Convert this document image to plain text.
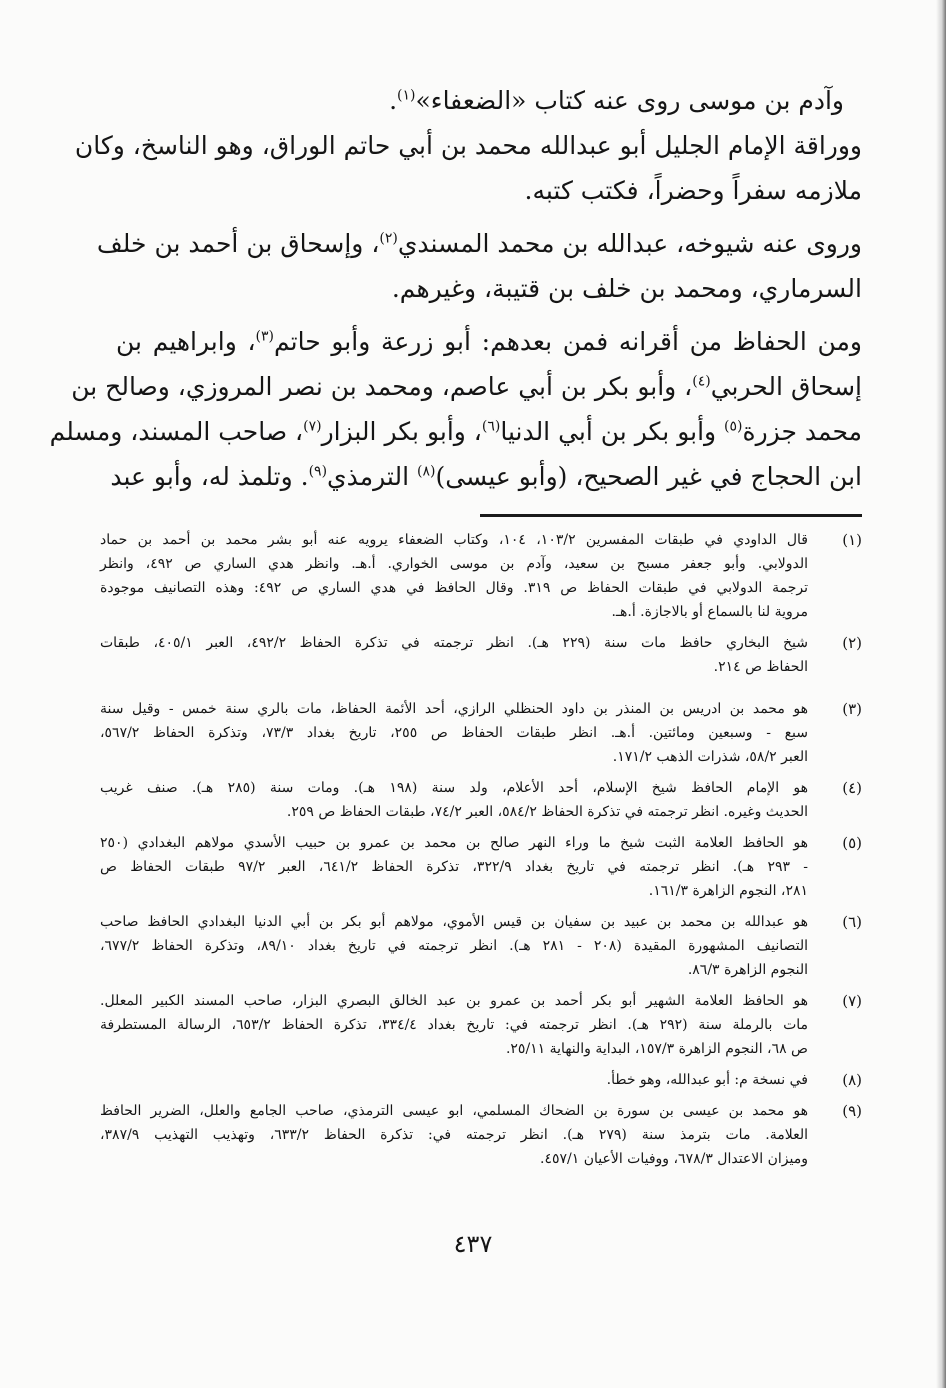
وآدم بن موسى روى عنه كتاب «الضعفاء»$^{(١)}$.
ووراقة الإمام الجليل أبو عبدالله محمد بن أبي حاتم الوراق، وهو الناسخ، وكان
ملازمه سفراً وحضراً، فكتب كتبه.
وروى عنه شيوخه، عبدالله بن محمد المسندي$^{(٢)}$، وإسحاق بن أحمد بن خلف
السرماري، ومحمد بن خلف بن قتيبة، وغيرهم.
ومن الحفاظ من أقرانه فمن بعدهم: أبو زرعة وأبو حاتم$^{(٣)}$، وابراهيم بن
إسحاق الحربي$^{(٤)}$، وأبو بكر بن أبي عاصم، ومحمد بن نصر المروزي، وصالح بن
محمد جزرة$^{(٥)}$ وأبو بكر بن أبي الدنيا$^{(٦)}$، وأبو بكر البزار$^{(٧)}$، صاحب المسند، ومسلم
ابن الحجاج في غير الصحيح، (وأبو عيسى)$^{(٨)}$ الترمذي$^{(٩)}$. وتلمذ له، وأبو عبد
(١)
قال الداودي في طبقات المفسرين ١٠٣/٢، ١٠٤، وكتاب الضعفاء يرويه عنه أبو بشر محمد بن أحمد بن حماد
الدولابي. وأبو جعفر مسبح بن سعيد، وآدم بن موسى الخواري. أ.هـ. وانظر هدي الساري ص ٤٩٢، وانظر
ترجمة الدولابي في طبقات الحفاظ ص ٣١٩. وقال الحافظ في هدي الساري ص ٤٩٢: وهذه التصانيف موجودة
مروية لنا بالسماع أو بالاجازة. أ.هـ.
(٢)
شيخ البخاري حافظ مات سنة (٢٢٩ هـ). انظر ترجمته في تذكرة الحفاظ ٤٩٢/٢، العبر ٤٠٥/١، طبقات
الحفاظ ص ٢١٤.
(٣)
هو محمد بن ادريس بن المنذر بن داود الحنظلي الرازي، أحد الأئمة الحفاظ، مات بالري سنة خمس - وقيل سنة
سبع - وسبعين ومائتين. أ.هـ. انظر طبقات الحفاظ ص ٢٥٥، تاريخ بغداد ٧٣/٣، وتذكرة الحفاظ ٥٦٧/٢،
العبر ٥٨/٢، شذرات الذهب ١٧١/٢.
(٤)
هو الإمام الحافظ شيخ الإسلام، أحد الأعلام، ولد سنة (١٩٨ هـ). ومات سنة (٢٨٥ هـ). صنف غريب
الحديث وغيره. انظر ترجمته في تذكرة الحفاظ ٥٨٤/٢، العبر ٧٤/٢، طبقات الحفاظ ص ٢٥٩.
(٥)
هو الحافظ العلامة الثبت شيخ ما وراء النهر صالح بن محمد بن عمرو بن حبيب الأسدي مولاهم البغدادي (٢٥٠
- ٢٩٣ هـ). انظر ترجمته في تاريخ بغداد ٣٢٢/٩، تذكرة الحفاظ ٦٤١/٢، العبر ٩٧/٢ طبقات الحفاظ ص
٢٨١، النجوم الزاهرة ١٦١/٣.
(٦)
هو عبدالله بن محمد بن عبيد بن سفيان بن قيس الأموي، مولاهم أبو بكر بن أبي الدنيا البغدادي الحافظ صاحب
التصانيف المشهورة المقيدة (٢٠٨ - ٢٨١ هـ). انظر ترجمته في تاريخ بغداد ٨٩/١٠، وتذكرة الحفاظ ٦٧٧/٢،
النجوم الزاهرة ٨٦/٣.
(٧)
هو الحافظ العلامة الشهير أبو بكر أحمد بن عمرو بن عبد الخالق البصري البزار، صاحب المسند الكبير المعلل.
مات بالرملة سنة (٢٩٢ هـ). انظر ترجمته في: تاريخ بغداد ٣٣٤/٤، تذكرة الحفاظ ٦٥٣/٢، الرسالة المستطرفة
ص ٦٨، النجوم الزاهرة ١٥٧/٣، البداية والنهاية ٢٥/١١.
(٨)
في نسخة م: أبو عبدالله، وهو خطأ.
(٩)
هو محمد بن عيسى بن سورة بن الضحاك المسلمي، ابو عيسى الترمذي، صاحب الجامع والعلل، الضرير الحافظ
العلامة. مات بترمذ سنة (٢٧٩ هـ). انظر ترجمته في: تذكرة الحفاظ ٦٣٣/٢، وتهذيب التهذيب ٣٨٧/٩،
وميزان الاعتدال ٦٧٨/٣، ووفيات الأعيان ٤٥٧/١.
٤٣٧
